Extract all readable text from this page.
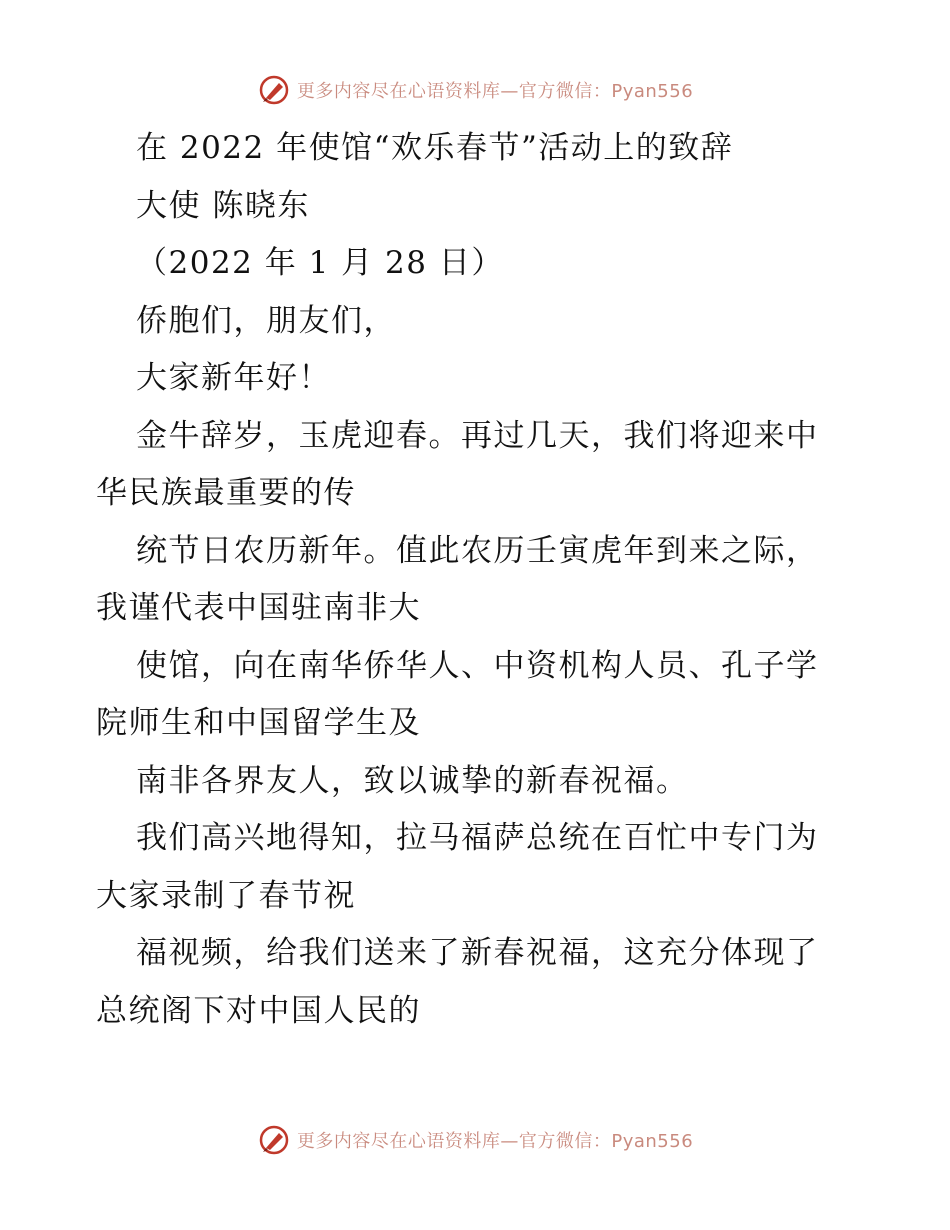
更多内容尽在心语资料库—官方微信：Pyan556

在 2022 年使馆“欢乐春节”活动上的致辞

大使 陈晓东

（2022 年 1 月 28 日）

侨胞们，朋友们，

大家新年好！

金牛辞岁，玉虎迎春。再过几天，我们将迎来中

华民族最重要的传

统节日农历新年。值此农历壬寅虎年到来之际，

我谨代表中国驻南非大

使馆，向在南华侨华人、中资机构人员、孔子学

院师生和中国留学生及

南非各界友人，致以诚挚的新春祝福。

我们高兴地得知，拉马福萨总统在百忙中专门为

大家录制了春节祝

福视频，给我们送来了新春祝福，这充分体现了

总统阁下对中国人民的

更多内容尽在心语资料库—官方微信：Pyan556
